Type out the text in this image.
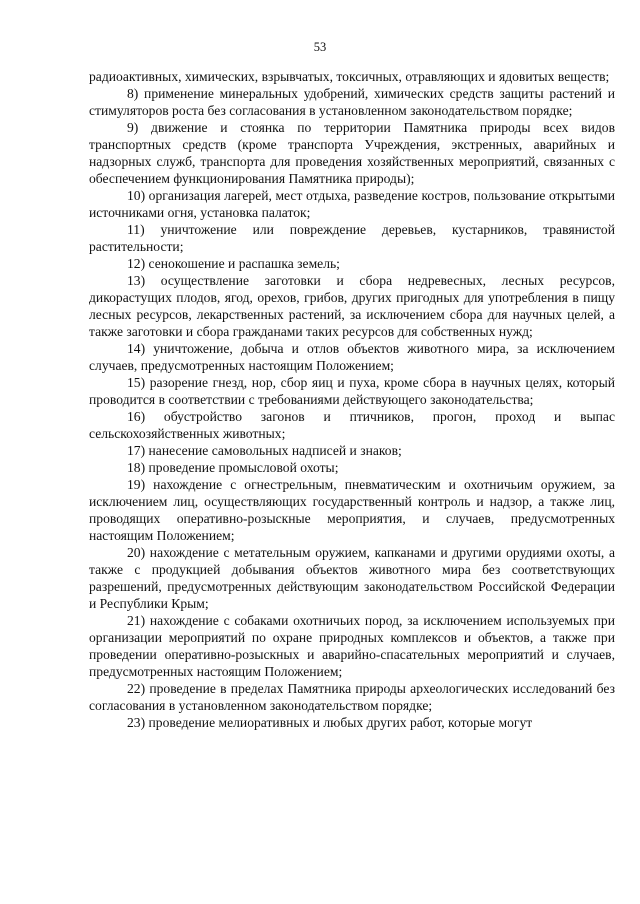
53

радиоактивных, химических, взрывчатых, токсичных, отравляющих и ядовитых веществ;

8) применение минеральных удобрений, химических средств защиты растений и стимуляторов роста без согласования в установленном законодательством порядке;

9) движение и стоянка по территории Памятника природы всех видов транспортных средств (кроме транспорта Учреждения, экстренных, аварийных и надзорных служб, транспорта для проведения хозяйственных мероприятий, связанных с обеспечением функционирования Памятника природы);

10) организация лагерей, мест отдыха, разведение костров, пользование открытыми источниками огня, установка палаток;

11) уничтожение или повреждение деревьев, кустарников, травянистой растительности;

12) сенокошение и распашка земель;

13) осуществление заготовки и сбора недревесных, лесных ресурсов, дикорастущих плодов, ягод, орехов, грибов, других пригодных для употребления в пищу лесных ресурсов, лекарственных растений, за исключением сбора для научных целей, а также заготовки и сбора гражданами таких ресурсов для собственных нужд;

14) уничтожение, добыча и отлов объектов животного мира, за исключением случаев, предусмотренных настоящим Положением;

15) разорение гнезд, нор, сбор яиц и пуха, кроме сбора в научных целях, который проводится в соответствии с требованиями действующего законодательства;

16) обустройство загонов и птичников, прогон, проход и выпас сельскохозяйственных животных;

17) нанесение самовольных надписей и знаков;

18) проведение промысловой охоты;

19) нахождение с огнестрельным, пневматическим и охотничьим оружием, за исключением лиц, осуществляющих государственный контроль и надзор, а также лиц, проводящих оперативно-розыскные мероприятия, и случаев, предусмотренных настоящим Положением;

20) нахождение с метательным оружием, капканами и другими орудиями охоты, а также с продукцией добывания объектов животного мира без соответствующих разрешений, предусмотренных действующим законодательством Российской Федерации и Республики Крым;

21) нахождение с собаками охотничьих пород, за исключением используемых при организации мероприятий по охране природных комплексов и объектов, а также при проведении оперативно-розыскных и аварийно-спасательных мероприятий и случаев, предусмотренных настоящим Положением;

22) проведение в пределах Памятника природы археологических исследований без согласования в установленном законодательством порядке;

23) проведение мелиоративных и любых других работ, которые могут
